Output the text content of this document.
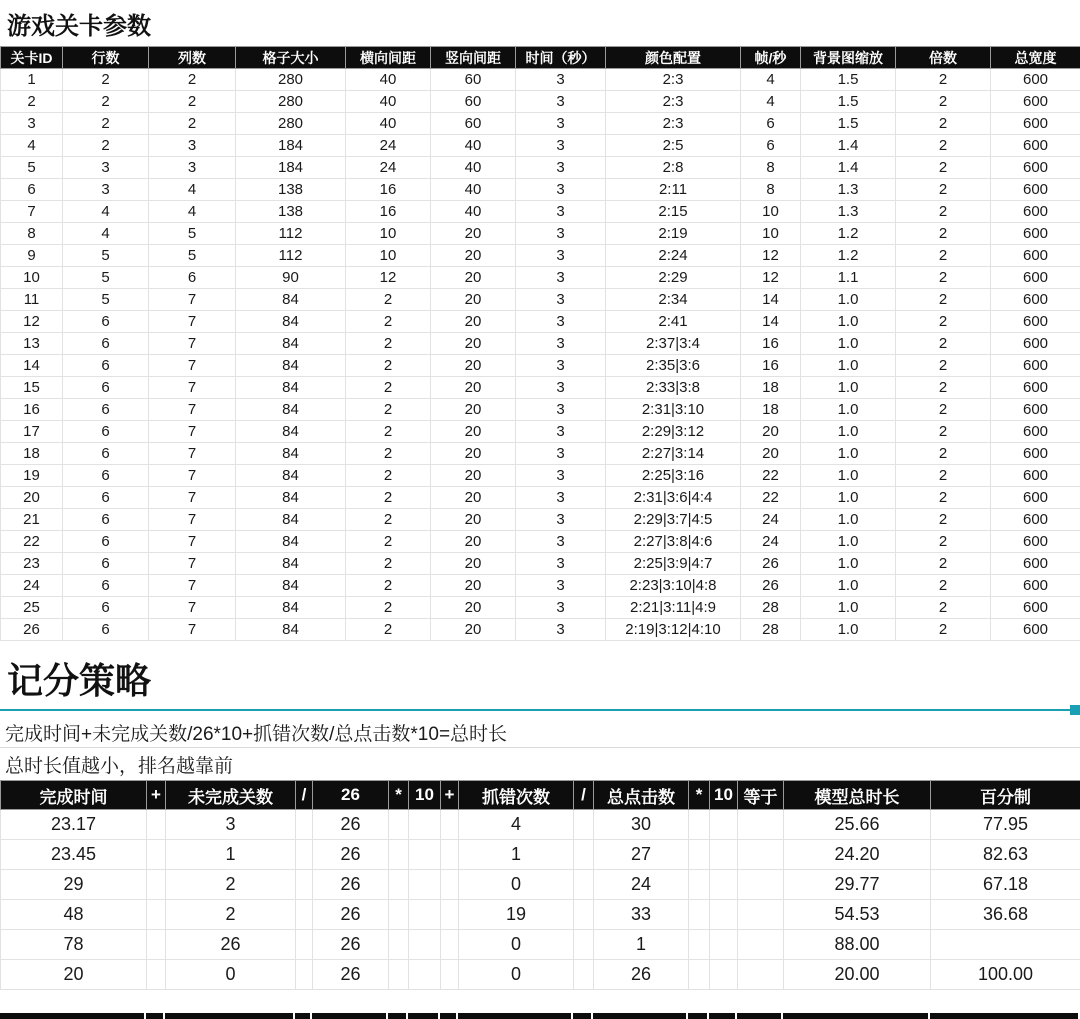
游戏关卡参数
关卡ID	行数	列数	格子大小	横向间距	竖向间距	时间（秒）	颜色配置	帧/秒	背景图缩放	倍数	总宽度
1	2	2	280	40	60	3	2:3	4	1.5	2	600
2	2	2	280	40	60	3	2:3	4	1.5	2	600
3	2	2	280	40	60	3	2:3	6	1.5	2	600
4	2	3	184	24	40	3	2:5	6	1.4	2	600
5	3	3	184	24	40	3	2:8	8	1.4	2	600
6	3	4	138	16	40	3	2:11	8	1.3	2	600
7	4	4	138	16	40	3	2:15	10	1.3	2	600
8	4	5	112	10	20	3	2:19	10	1.2	2	600
9	5	5	112	10	20	3	2:24	12	1.2	2	600
10	5	6	90	12	20	3	2:29	12	1.1	2	600
11	5	7	84	2	20	3	2:34	14	1.0	2	600
12	6	7	84	2	20	3	2:41	14	1.0	2	600
13	6	7	84	2	20	3	2:37|3:4	16	1.0	2	600
14	6	7	84	2	20	3	2:35|3:6	16	1.0	2	600
15	6	7	84	2	20	3	2:33|3:8	18	1.0	2	600
16	6	7	84	2	20	3	2:31|3:10	18	1.0	2	600
17	6	7	84	2	20	3	2:29|3:12	20	1.0	2	600
18	6	7	84	2	20	3	2:27|3:14	20	1.0	2	600
19	6	7	84	2	20	3	2:25|3:16	22	1.0	2	600
20	6	7	84	2	20	3	2:31|3:6|4:4	22	1.0	2	600
21	6	7	84	2	20	3	2:29|3:7|4:5	24	1.0	2	600
22	6	7	84	2	20	3	2:27|3:8|4:6	24	1.0	2	600
23	6	7	84	2	20	3	2:25|3:9|4:7	26	1.0	2	600
24	6	7	84	2	20	3	2:23|3:10|4:8	26	1.0	2	600
25	6	7	84	2	20	3	2:21|3:11|4:9	28	1.0	2	600
26	6	7	84	2	20	3	2:19|3:12|4:10	28	1.0	2	600
记分策略
完成时间+未完成关数/26*10+抓错次数/总点击数*10=总时长
总时长值越小，排名越靠前
完成时间	+	未完成关数	/	26	*	10	+	抓错次数	/	总点击数	*	10	等于	模型总时长	百分制
23.17		3		26				4		30				25.66	77.95
23.45		1		26				1		27				24.20	82.63
29		2		26				0		24				29.77	67.18
48		2		26				19		33				54.53	36.68
78		26		26				0		1				88.00	
20		0		26				0		26				20.00	100.00
